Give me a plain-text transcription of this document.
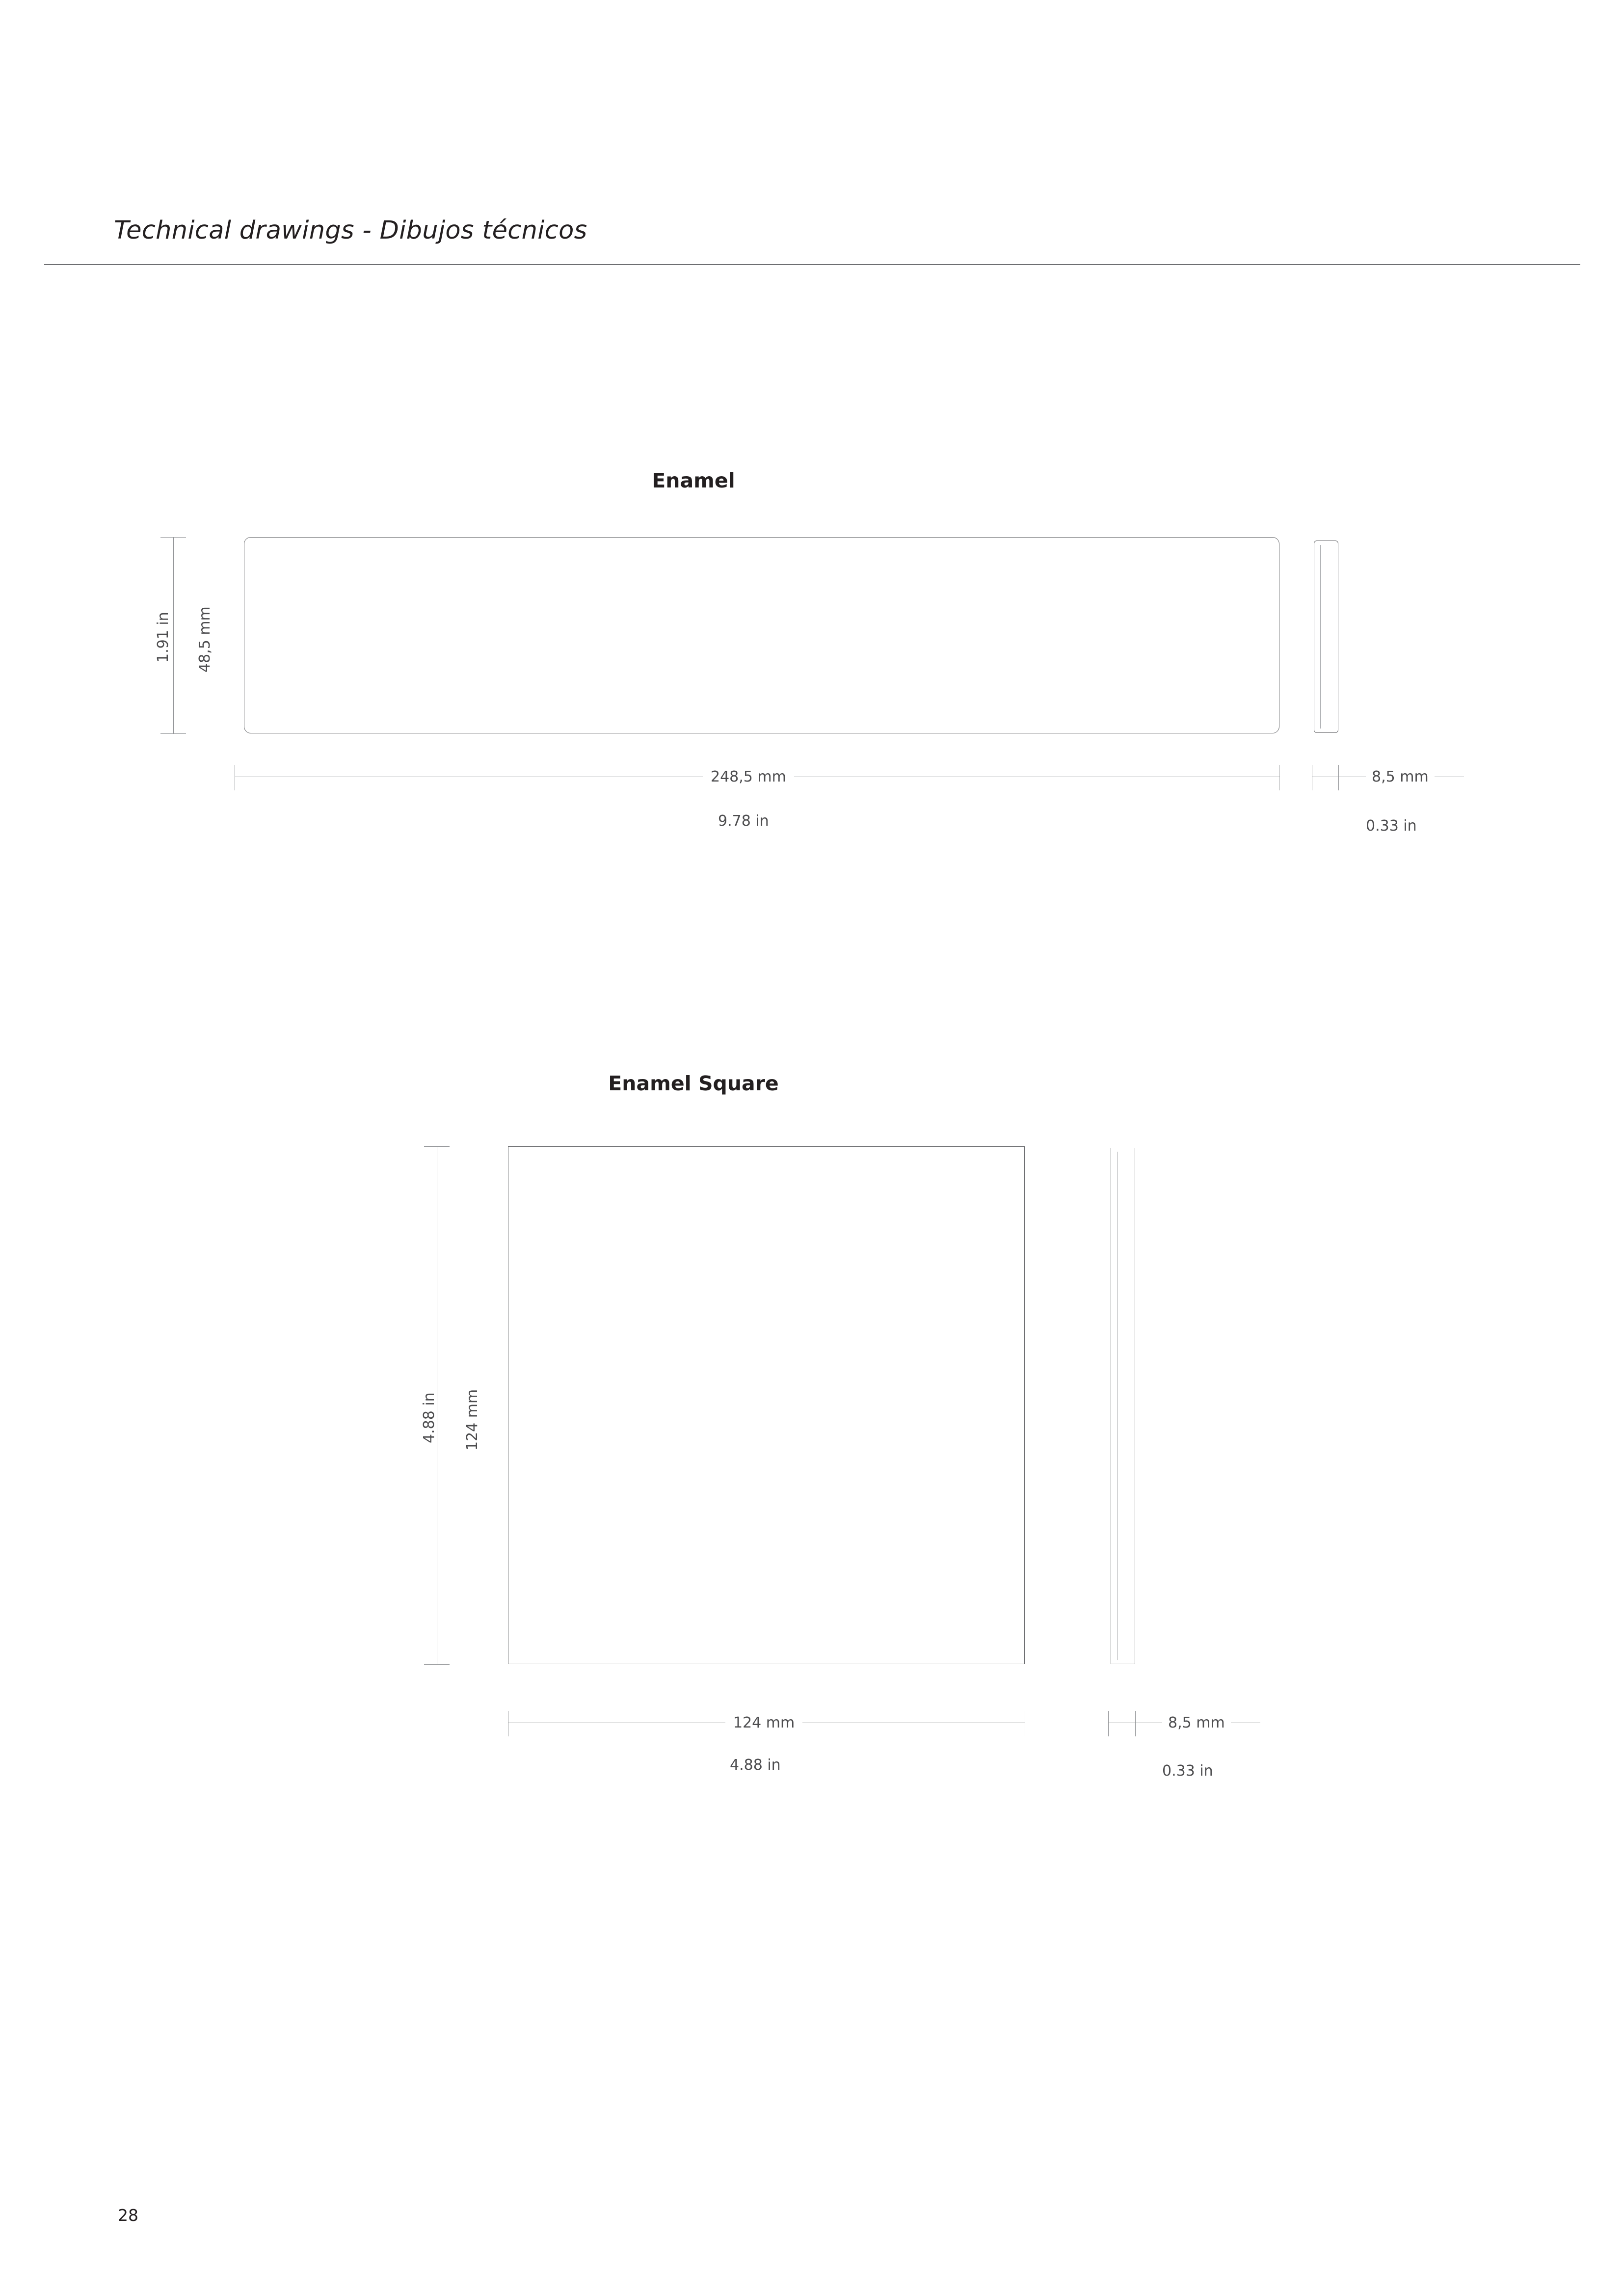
Technical drawings - Dibujos técnicos
Enamel
48,5 mm
1.91 in
248,5 mm
9.78 in
8,5 mm
0.33 in
Enamel Square
124 mm
4.88 in
124 mm
4.88 in
8,5 mm
0.33 in
28
